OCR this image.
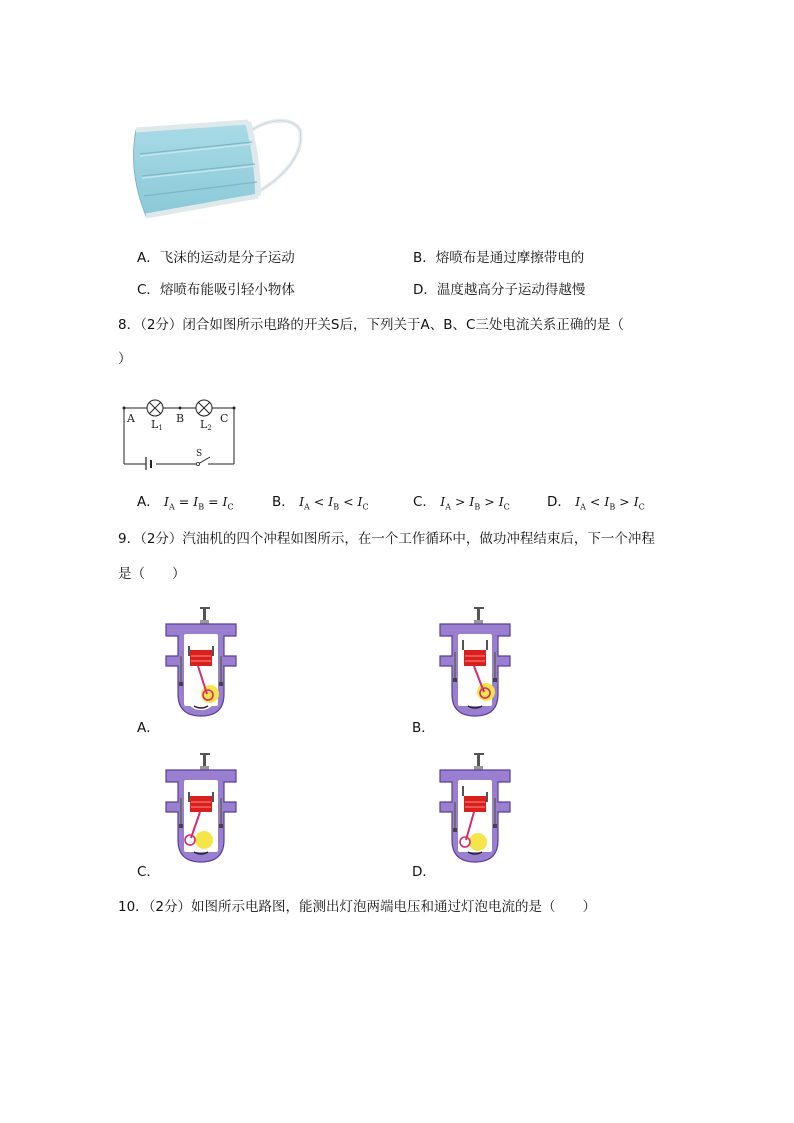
A．飞沫的运动是分子运动	B．熔喷布是通过摩擦带电的
C．熔喷布能吸引轻小物体	D．温度越高分子运动得越慢
8．（2分）闭合如图所示电路的开关S后，下列关于A、B、C三处电流关系正确的是（
）
A	B	C
L1	L2
S
A． $I_A = I_B = I_C$	B． $I_A < I_B < I_C$	C． $I_A > I_B > I_C$	D． $I_A < I_B > I_C$
9．（2分）汽油机的四个冲程如图所示，在一个工作循环中，做功冲程结束后，下一个冲程
是（　　）
A．	B．
C．	D．
10．（2分）如图所示电路图，能测出灯泡两端电压和通过灯泡电流的是（　　）
